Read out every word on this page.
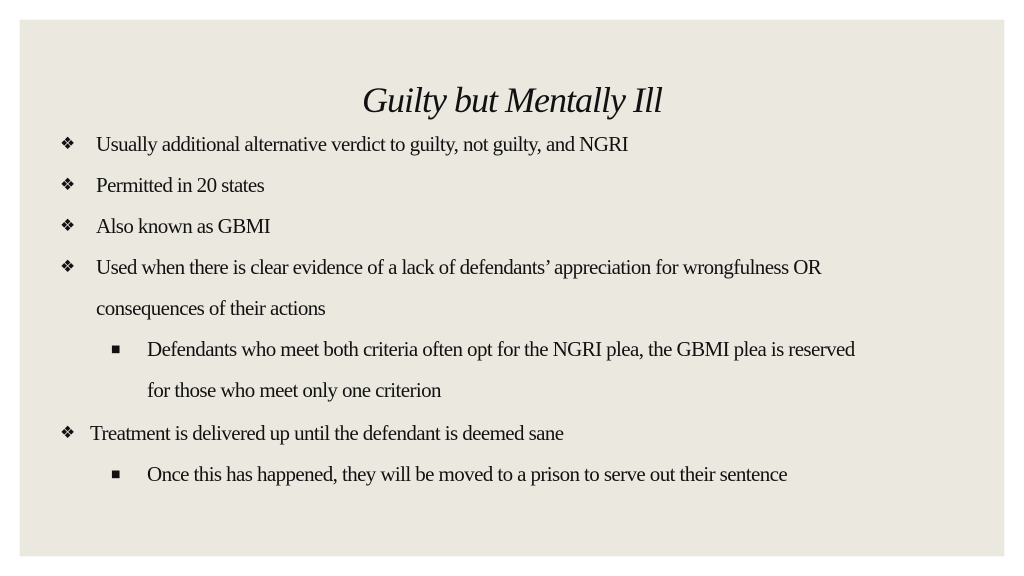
Guilty but Mentally Ill
❖ Usually additional alternative verdict to guilty, not guilty, and NGRI
❖ Permitted in 20 states
❖ Also known as GBMI
❖ Used when there is clear evidence of a lack of defendants’ appreciation for wrongfulness OR
consequences of their actions
■ Defendants who meet both criteria often opt for the NGRI plea, the GBMI plea is reserved
for those who meet only one criterion
❖ Treatment is delivered up until the defendant is deemed sane
■ Once this has happened, they will be moved to a prison to serve out their sentence
